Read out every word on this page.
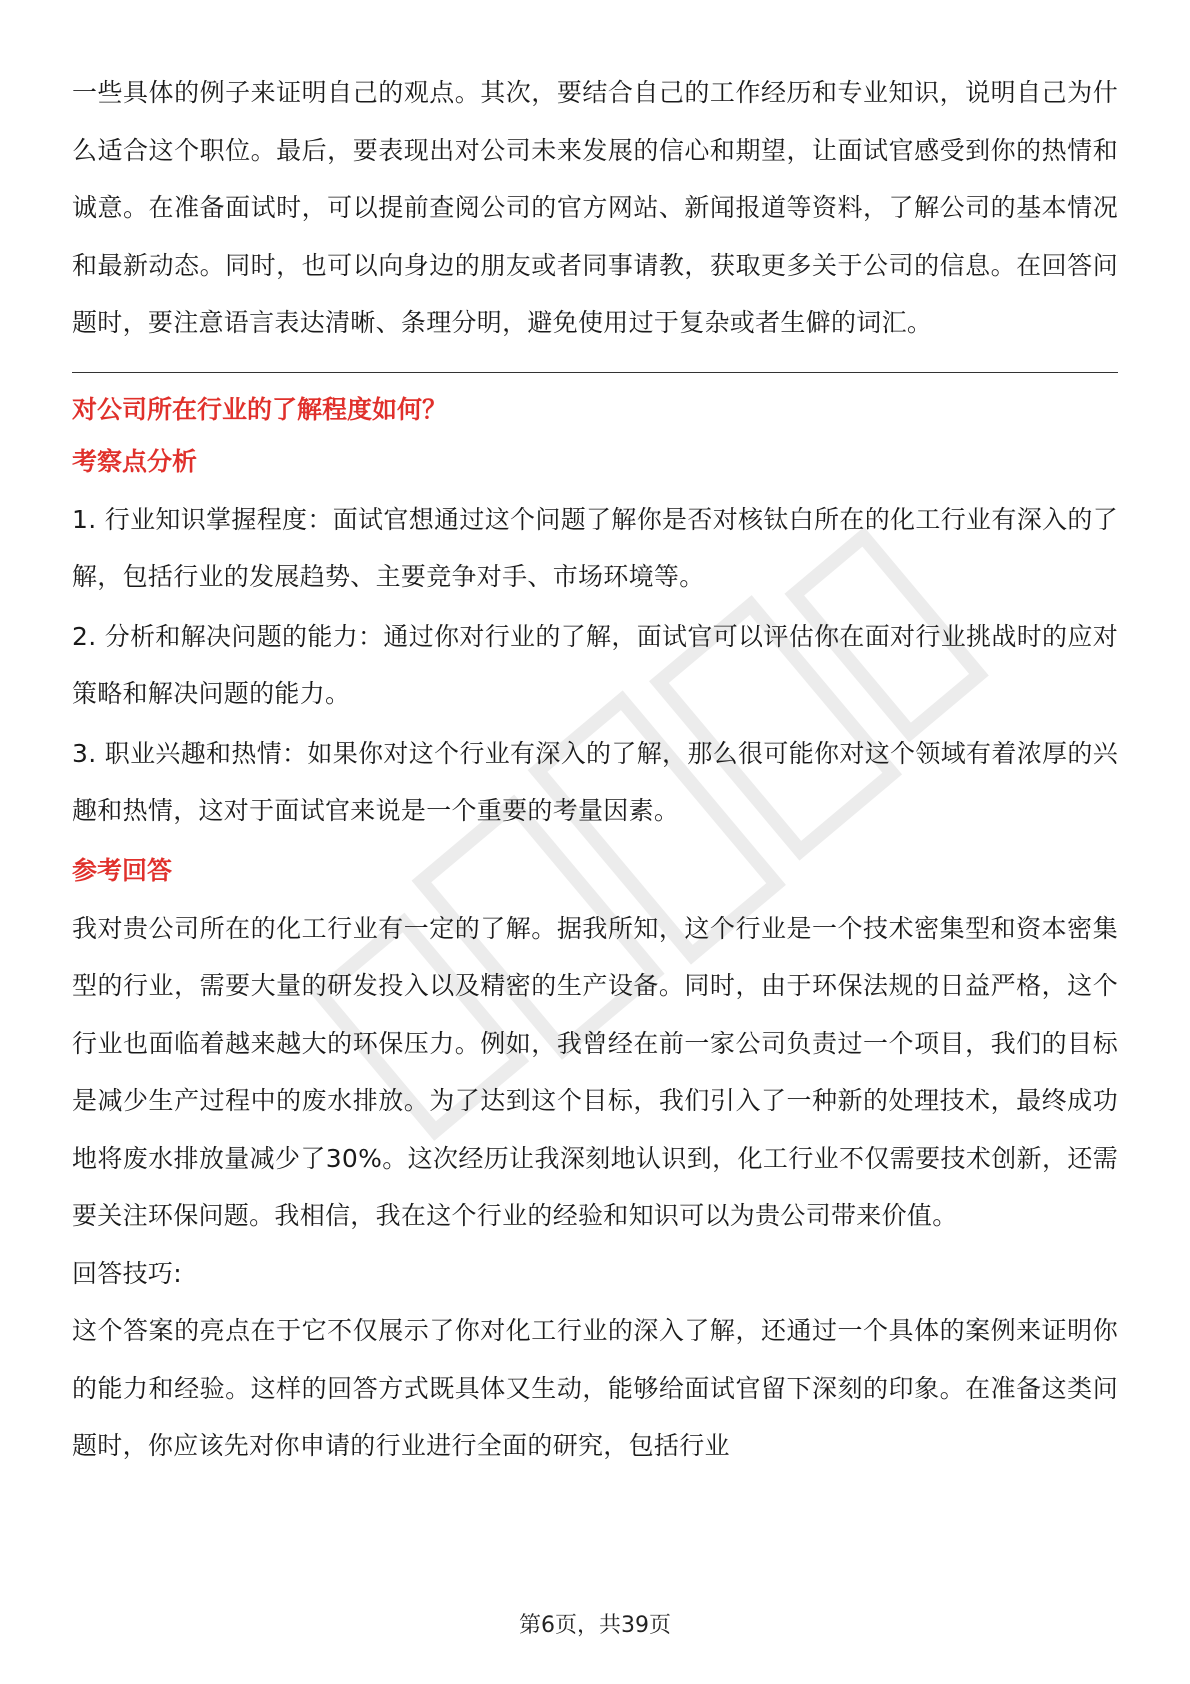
一些具体的例子来证明自己的观点。其次，要结合自己的工作经历和专业知识，说明自己为什么适合这个职位。最后，要表现出对公司未来发展的信心和期望，让面试官感受到你的热情和诚意。在准备面试时，可以提前查阅公司的官方网站、新闻报道等资料，了解公司的基本情况和最新动态。同时，也可以向身边的朋友或者同事请教，获取更多关于公司的信息。在回答问题时，要注意语言表达清晰、条理分明，避免使用过于复杂或者生僻的词汇。

对公司所在行业的了解程度如何？

考察点分析

1. 行业知识掌握程度：面试官想通过这个问题了解你是否对核钛白所在的化工行业有深入的了解，包括行业的发展趋势、主要竞争对手、市场环境等。

2. 分析和解决问题的能力：通过你对行业的了解，面试官可以评估你在面对行业挑战时的应对策略和解决问题的能力。

3. 职业兴趣和热情：如果你对这个行业有深入的了解，那么很可能你对这个领域有着浓厚的兴趣和热情，这对于面试官来说是一个重要的考量因素。

参考回答

我对贵公司所在的化工行业有一定的了解。据我所知，这个行业是一个技术密集型和资本密集型的行业，需要大量的研发投入以及精密的生产设备。同时，由于环保法规的日益严格，这个行业也面临着越来越大的环保压力。例如，我曾经在前一家公司负责过一个项目，我们的目标是减少生产过程中的废水排放。为了达到这个目标，我们引入了一种新的处理技术，最终成功地将废水排放量减少了30%。这次经历让我深刻地认识到，化工行业不仅需要技术创新，还需要关注环保问题。我相信，我在这个行业的经验和知识可以为贵公司带来价值。

回答技巧:

这个答案的亮点在于它不仅展示了你对化工行业的深入了解，还通过一个具体的案例来证明你的能力和经验。这样的回答方式既具体又生动，能够给面试官留下深刻的印象。在准备这类问题时，你应该先对你申请的行业进行全面的研究，包括行业

第6页，共39页
